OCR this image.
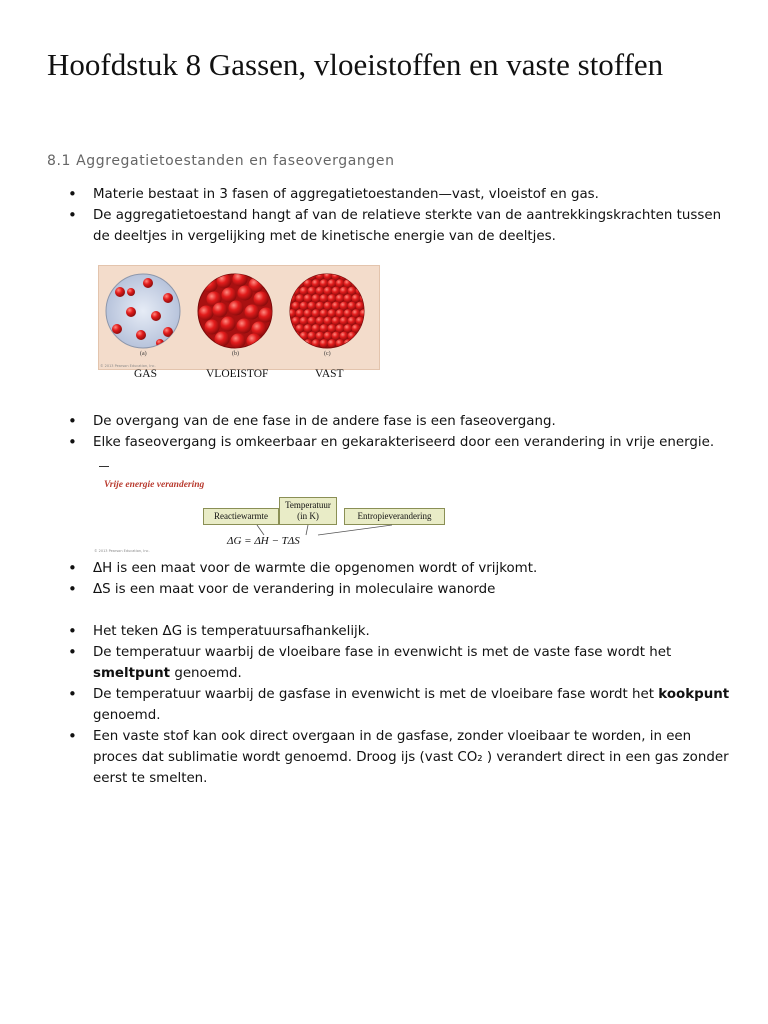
Hoofdstuk 8 Gassen, vloeistoffen en vaste stoffen
8.1 Aggregatietoestanden en faseovergangen
• Materie bestaat in 3 fasen of aggregatietoestanden—vast, vloeistof en gas.
• De aggregatietoestand hangt af van de relatieve sterkte van de aantrekkingskrachten tussen de deeltjes in vergelijking met de kinetische energie van de deeltjes.
(a)	(b)	(c)
© 2013 Pearson Education, Inc.
GAS	VLOEISTOF	VAST
• De overgang van de ene fase in de andere fase is een faseovergang.
• Elke faseovergang is omkeerbaar en gekarakteriseerd door een verandering in vrije energie.
Vrije energie verandering
Reactiewarmte
Temperatuur (in K)	Entropieverandering
ΔG = ΔH − TΔS
© 2013 Pearson Education, Inc.
• ΔH is een maat voor de warmte die opgenomen wordt of vrijkomt.
• ΔS is een maat voor de verandering in moleculaire wanorde
• Het teken ΔG is temperatuursafhankelijk.
• De temperatuur waarbij de vloeibare fase in evenwicht is met de vaste fase wordt het smeltpunt genoemd.
• De temperatuur waarbij de gasfase in evenwicht is met de vloeibare fase wordt het kookpunt genoemd.
• Een vaste stof kan ook direct overgaan in de gasfase, zonder vloeibaar te worden, in een proces dat sublimatie wordt genoemd. Droog ijs (vast CO₂ ) verandert direct in een gas zonder eerst te smelten.
